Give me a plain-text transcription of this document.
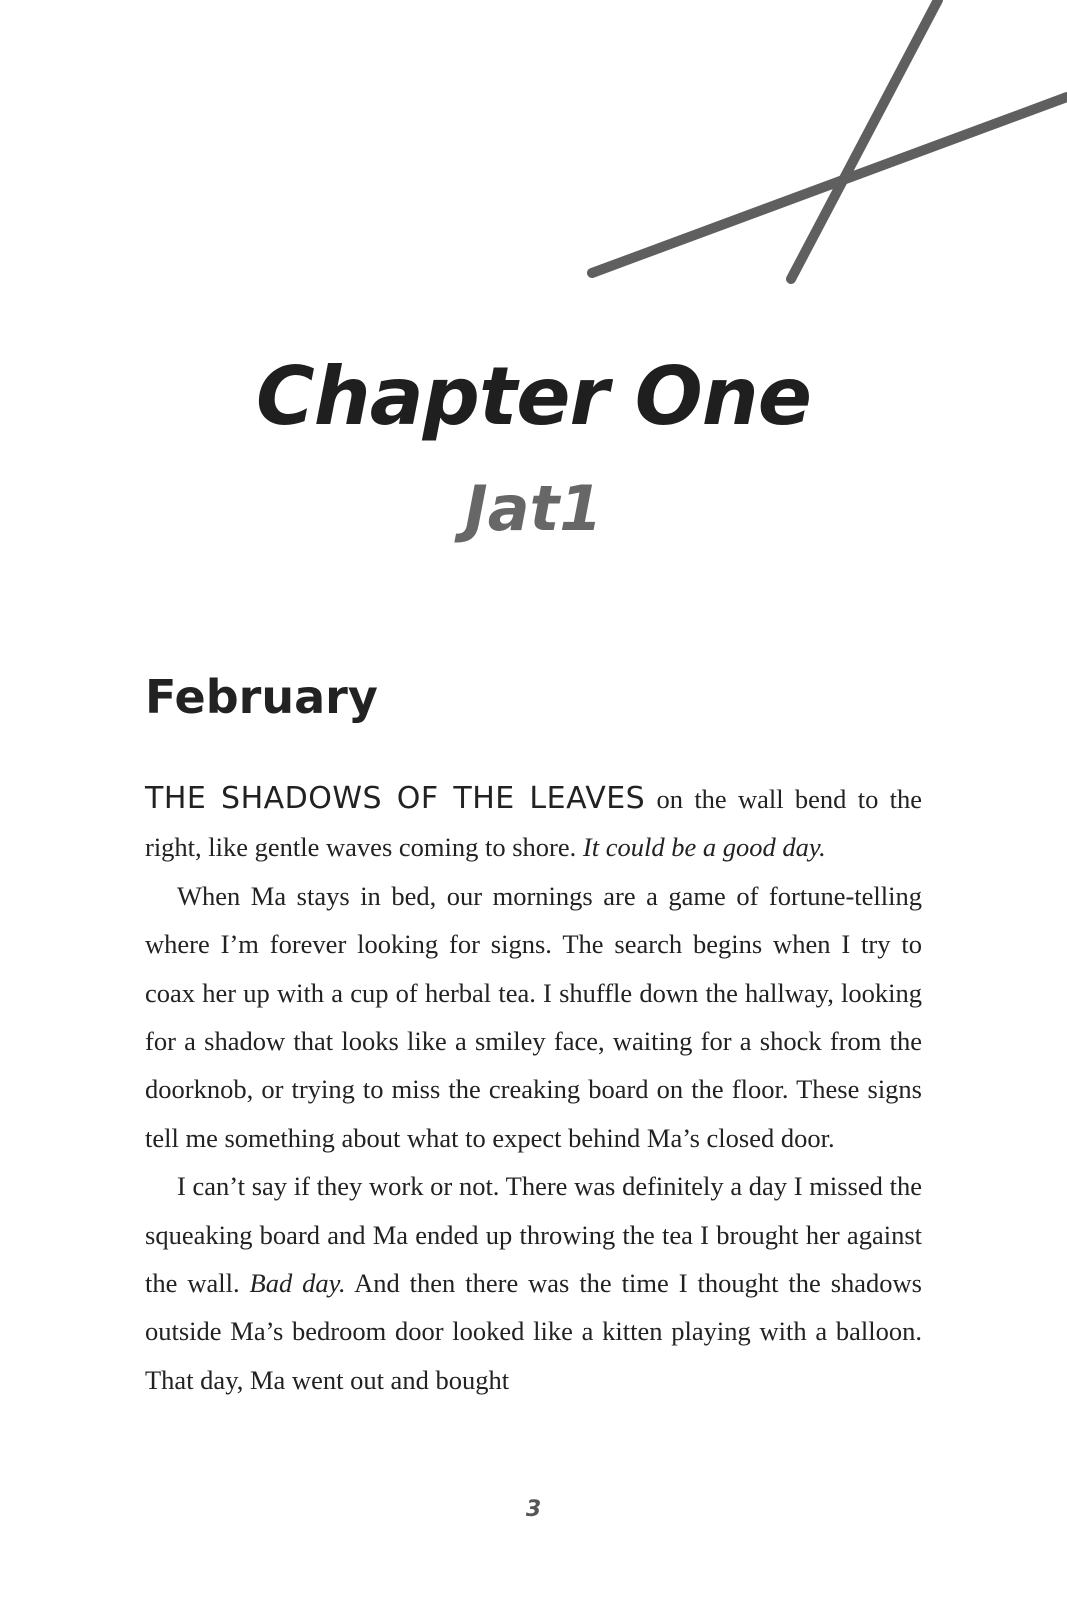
Chapter One
Jat1
February

THE SHADOWS OF THE LEAVES on the wall bend to the right, like gentle waves coming to shore. It could be a good day.

When Ma stays in bed, our mornings are a game of fortune-telling where I’m forever looking for signs. The search begins when I try to coax her up with a cup of herbal tea. I shuffle down the hallway, looking for a shadow that looks like a smiley face, waiting for a shock from the doorknob, or trying to miss the creaking board on the floor. These signs tell me something about what to expect behind Ma’s closed door.

I can’t say if they work or not. There was definitely a day I missed the squeaking board and Ma ended up throwing the tea I brought her against the wall. Bad day. And then there was the time I thought the shadows outside Ma’s bedroom door looked like a kitten playing with a balloon. That day, Ma went out and bought

3
